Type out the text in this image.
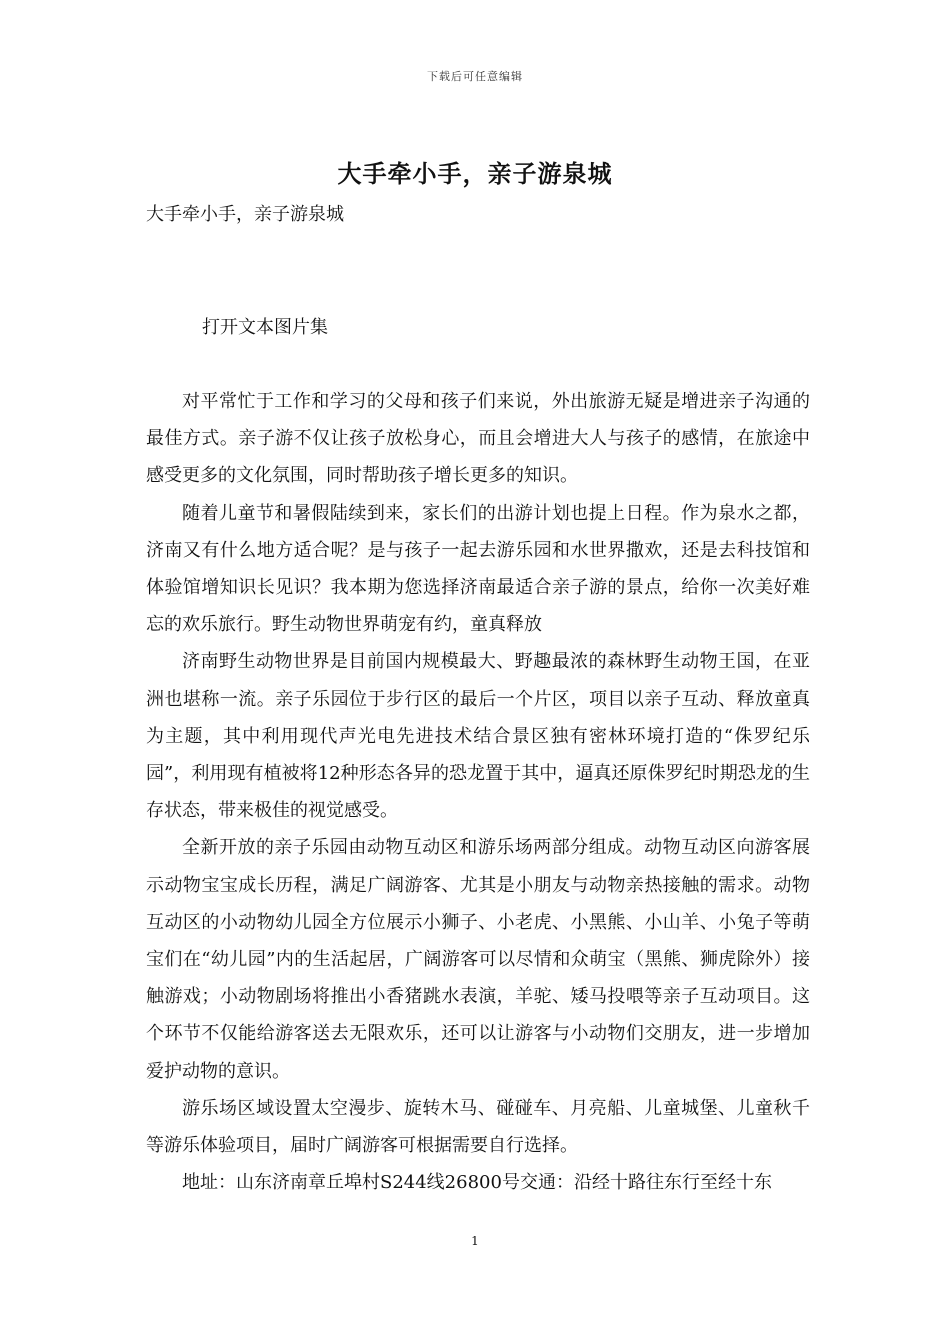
下载后可任意编辑
大手牵小手，亲子游泉城
大手牵小手，亲子游泉城
打开文本图片集

对平常忙于工作和学习的父母和孩子们来说，外出旅游无疑是增进亲子沟通的最佳方式。亲子游不仅让孩子放松身心，而且会增进大人与孩子的感情，在旅途中感受更多的文化氛围，同时帮助孩子增长更多的知识。

随着儿童节和暑假陆续到来，家长们的出游计划也提上日程。作为泉水之都，济南又有什么地方适合呢？是与孩子一起去游乐园和水世界撒欢，还是去科技馆和体验馆增知识长见识？我本期为您选择济南最适合亲子游的景点，给你一次美好难忘的欢乐旅行。野生动物世界萌宠有约，童真释放

济南野生动物世界是目前国内规模最大、野趣最浓的森林野生动物王国，在亚洲也堪称一流。亲子乐园位于步行区的最后一个片区，项目以亲子互动、释放童真为主题，其中利用现代声光电先进技术结合景区独有密林环境打造的“侏罗纪乐园”，利用现有植被将12种形态各异的恐龙置于其中，逼真还原侏罗纪时期恐龙的生存状态，带来极佳的视觉感受。

全新开放的亲子乐园由动物互动区和游乐场两部分组成。动物互动区向游客展示动物宝宝成长历程，满足广阔游客、尤其是小朋友与动物亲热接触的需求。动物互动区的小动物幼儿园全方位展示小狮子、小老虎、小黑熊、小山羊、小兔子等萌宝们在“幼儿园”内的生活起居，广阔游客可以尽情和众萌宝（黑熊、狮虎除外）接触游戏；小动物剧场将推出小香猪跳水表演，羊驼、矮马投喂等亲子互动项目。这个环节不仅能给游客送去无限欢乐，还可以让游客与小动物们交朋友，进一步增加爱护动物的意识。

游乐场区域设置太空漫步、旋转木马、碰碰车、月亮船、儿童城堡、儿童秋千等游乐体验项目，届时广阔游客可根据需要自行选择。

地址：山东济南章丘埠村S244线26800号交通：沿经十路往东行至经十东

1
